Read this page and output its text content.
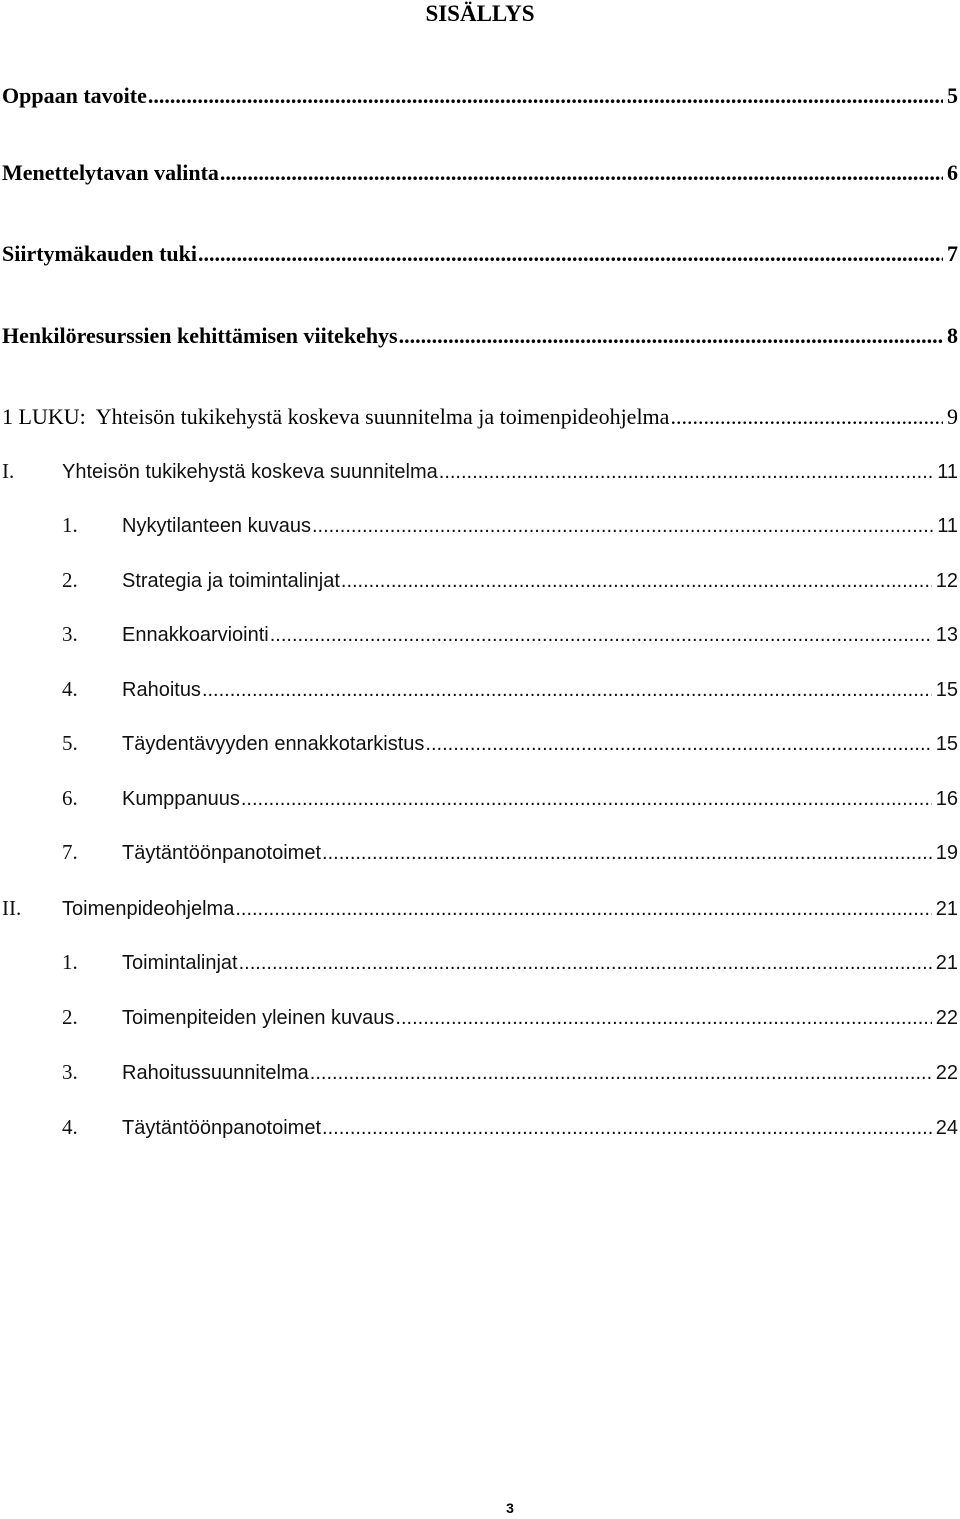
SISÄLLYS
Oppaan tavoite .....	5
Menettelytavan valinta .....	6
Siirtymäkauden tuki .....	7
Henkilöresurssien kehittämisen viitekehys .....	8
1 LUKU: Yhteisön tukikehystä koskeva suunnitelma ja toimenpideohjelma .....	9
I.	Yhteisön tukikehystä koskeva suunnitelma .....	11
1.	Nykytilanteen kuvaus .....	11
2.	Strategia ja toimintalinjat .....	12
3.	Ennakkoarviointi .....	13
4.	Rahoitus .....	15
5.	Täydentävyyden ennakkotarkistus .....	15
6.	Kumppanuus .....	16
7.	Täytäntöönpanotoimet .....	19
II.	Toimenpideohjelma .....	21
1.	Toimintalinjat .....	21
2.	Toimenpiteiden yleinen kuvaus .....	22
3.	Rahoitussuunnitelma .....	22
4.	Täytäntöönpanotoimet .....	24
3
